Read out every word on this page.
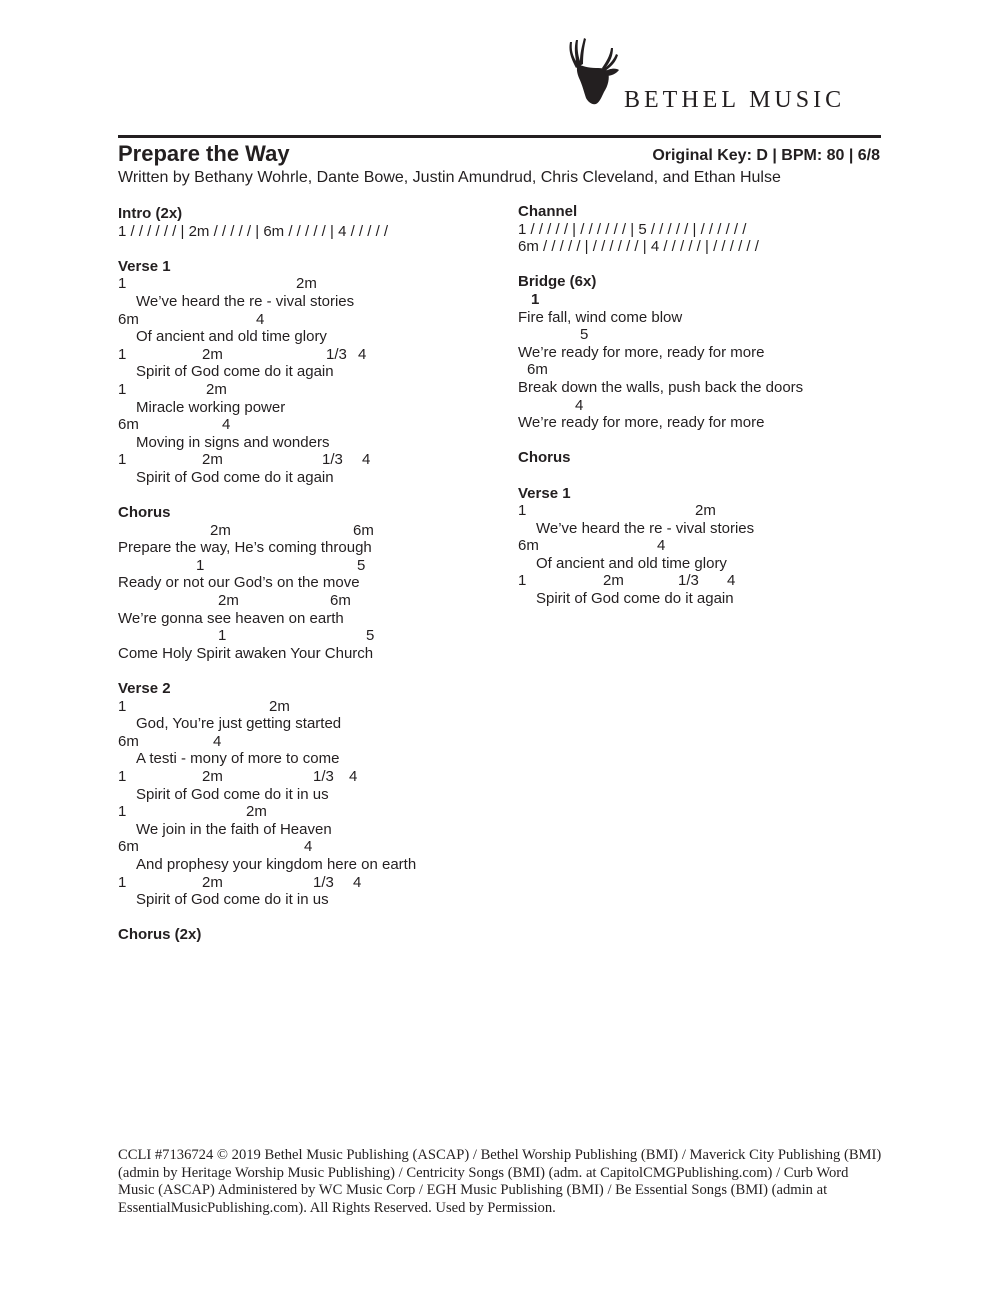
BETHEL MUSIC
Prepare the Way	Original Key: D | BPM: 80 | 6/8
Written by Bethany Wohrle, Dante Bowe, Justin Amundrud, Chris Cleveland, and Ethan Hulse
Intro (2x)
1 / / / / / / | 2m / / / / / | 6m / / / / / | 4 / / / / /
Verse 1
1	2m
We’ve heard the re - vival stories
6m	4
Of ancient and old time glory
1	2m	1/3 4
Spirit of God come do it again
1	2m
Miracle working power
6m	4
Moving in signs and wonders
1	2m	1/3 4
Spirit of God come do it again
Chorus
2m	6m
Prepare the way, He’s coming through
1	5
Ready or not our God’s on the move
2m	6m
We’re gonna see heaven on earth
1	5
Come Holy Spirit awaken Your Church
Verse 2
1	2m
God, You’re just getting started
6m	4
A testi - mony of more to come
1	2m	1/3 4
Spirit of God come do it in us
1	2m
We join in the faith of Heaven
6m	4
And prophesy your kingdom here on earth
1	2m	1/3 4
Spirit of God come do it in us
Chorus (2x)
Channel
1 / / / / / | / / / / / / | 5 / / / / / | / / / / / /
6m / / / / / | / / / / / / | 4 / / / / / | / / / / / /
Bridge (6x)
1
Fire fall, wind come blow
5
We’re ready for more, ready for more
6m
Break down the walls, push back the doors
4
We’re ready for more, ready for more
Chorus
Verse 1
1	2m
We’ve heard the re - vival stories
6m	4
Of ancient and old time glory
1	2m	1/3 4
Spirit of God come do it again
CCLI #7136724 © 2019 Bethel Music Publishing (ASCAP) / Bethel Worship Publishing (BMI) / Maverick City Publishing (BMI) (admin by Heritage Worship Music Publishing) / Centricity Songs (BMI) (adm. at CapitolCMGPublishing.com) / Curb Word Music (ASCAP) Administered by WC Music Corp / EGH Music Publishing (BMI) / Be Essential Songs (BMI) (admin at EssentialMusicPublishing.com). All Rights Reserved. Used by Permission.
